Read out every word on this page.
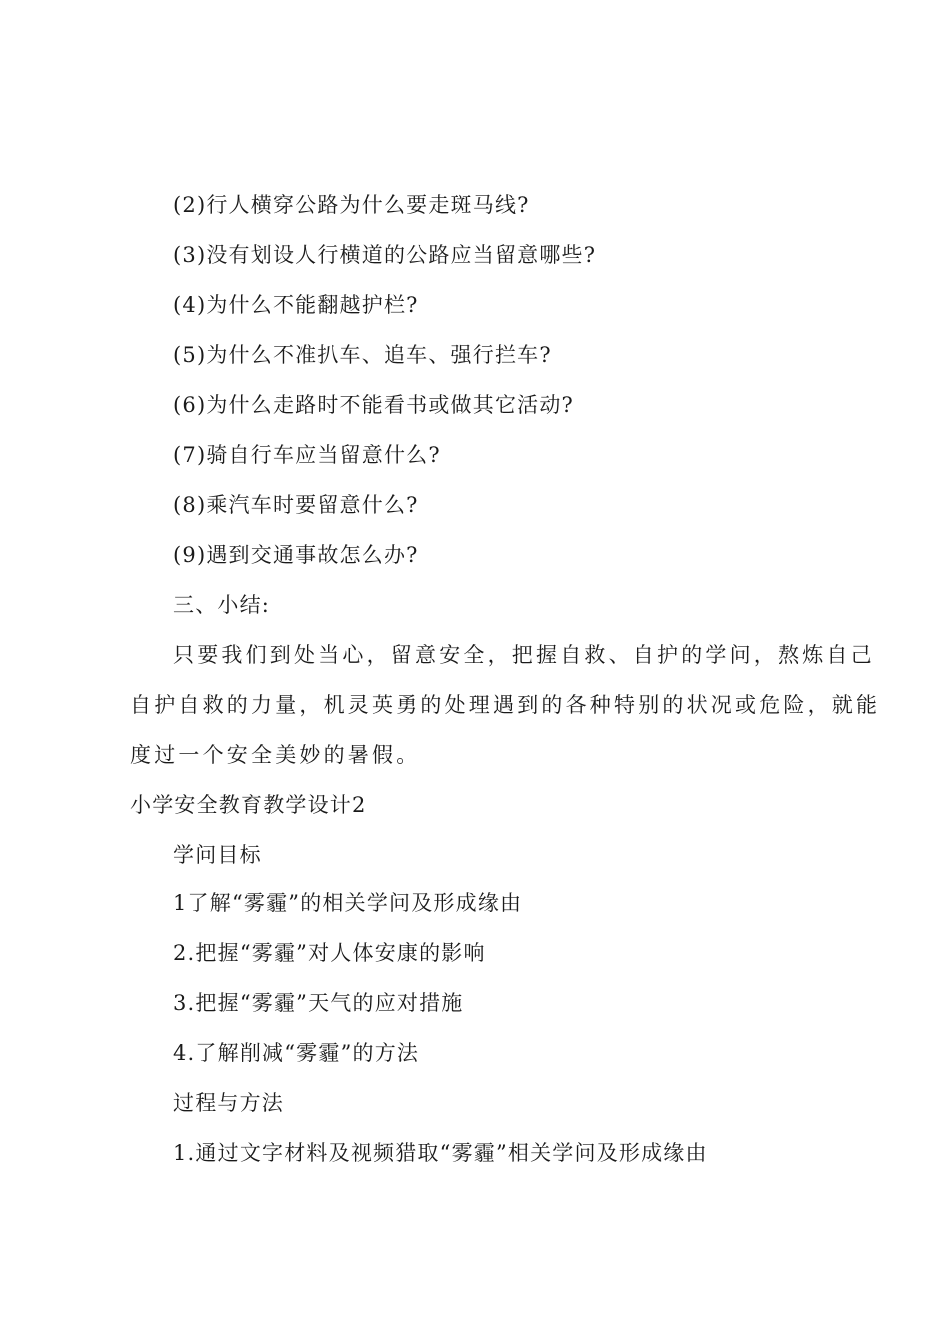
(2)行人横穿公路为什么要走斑马线?
(3)没有划设人行横道的公路应当留意哪些?
(4)为什么不能翻越护栏?
(5)为什么不准扒车、追车、强行拦车?
(6)为什么走路时不能看书或做其它活动?
(7)骑自行车应当留意什么?
(8)乘汽车时要留意什么?
(9)遇到交通事故怎么办?
三、小结:
只要我们到处当心，留意安全，把握自救、自护的学问，熬炼自己
自护自救的力量，机灵英勇的处理遇到的各种特别的状况或危险，就能
度过一个安全美妙的暑假。
小学安全教育教学设计2
学问目标
1了解“雾霾”的相关学问及形成缘由
2.把握“雾霾”对人体安康的影响
3.把握“雾霾”天气的应对措施
4.了解削减“雾霾”的方法
过程与方法
1.通过文字材料及视频猎取“雾霾”相关学问及形成缘由
